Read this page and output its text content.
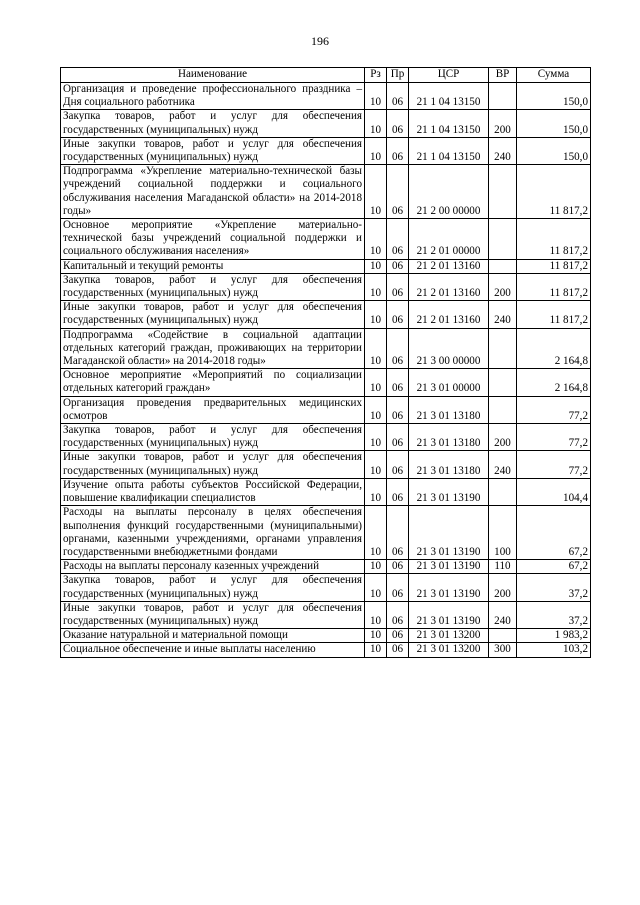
196
Наименование	Рз	Пр	ЦСР	ВР	Сумма
Организация и проведение профессионального праздника – Дня социального работника	10	06	21 1 04 13150		150,0
Закупка товаров, работ и услуг для обеспечения государственных (муниципальных) нужд	10	06	21 1 04 13150	200	150,0
Иные закупки товаров, работ и услуг для обеспечения государственных (муниципальных) нужд	10	06	21 1 04 13150	240	150,0
Подпрограмма «Укрепление материально-технической базы учреждений социальной поддержки и социального обслуживания населения Магаданской области» на 2014-2018 годы»	10	06	21 2 00 00000		11 817,2
Основное мероприятие «Укрепление материально-технической базы учреждений социальной поддержки и социального обслуживания населения»	10	06	21 2 01 00000		11 817,2
Капитальный и текущий ремонты	10	06	21 2 01 13160		11 817,2
Закупка товаров, работ и услуг для обеспечения государственных (муниципальных) нужд	10	06	21 2 01 13160	200	11 817,2
Иные закупки товаров, работ и услуг для обеспечения государственных (муниципальных) нужд	10	06	21 2 01 13160	240	11 817,2
Подпрограмма «Содействие в социальной адаптации отдельных категорий граждан, проживающих на территории Магаданской области» на 2014-2018 годы»	10	06	21 3 00 00000		2 164,8
Основное мероприятие «Мероприятий по социализации отдельных категорий граждан»	10	06	21 3 01 00000		2 164,8
Организация проведения предварительных медицинских осмотров	10	06	21 3 01 13180		77,2
Закупка товаров, работ и услуг для обеспечения государственных (муниципальных) нужд	10	06	21 3 01 13180	200	77,2
Иные закупки товаров, работ и услуг для обеспечения государственных (муниципальных) нужд	10	06	21 3 01 13180	240	77,2
Изучение опыта работы субъектов Российской Федерации, повышение квалификации специалистов	10	06	21 3 01 13190		104,4
Расходы на выплаты персоналу в целях обеспечения выполнения функций государственными (муниципальными) органами, казенными учреждениями, органами управления государственными внебюджетными фондами	10	06	21 3 01 13190	100	67,2
Расходы на выплаты персоналу казенных учреждений	10	06	21 3 01 13190	110	67,2
Закупка товаров, работ и услуг для обеспечения государственных (муниципальных) нужд	10	06	21 3 01 13190	200	37,2
Иные закупки товаров, работ и услуг для обеспечения государственных (муниципальных) нужд	10	06	21 3 01 13190	240	37,2
Оказание натуральной и материальной помощи	10	06	21 3 01 13200		1 983,2
Социальное обеспечение и иные выплаты населению	10	06	21 3 01 13200	300	103,2
